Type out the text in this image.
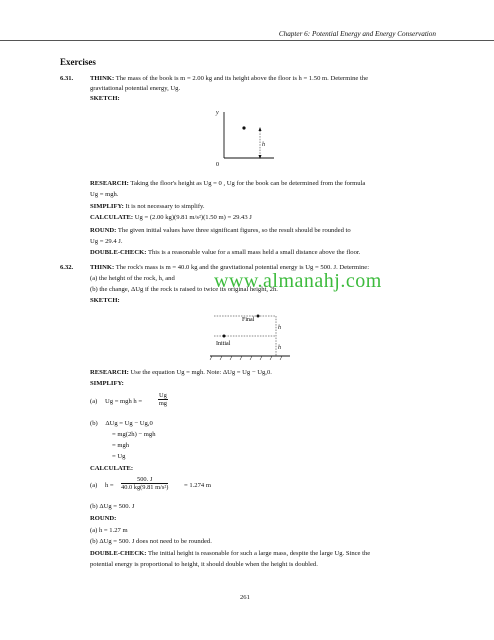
Chapter 6: Potential Energy and Energy Conservation
Exercises
6.31.	THINK: The mass of the book is m = 2.00 kg and its height above the floor is h = 1.50 m. Determine the
gravitational potential energy, Ug.
SKETCH:
y
h
0
RESEARCH: Taking the floor's height as Ug = 0 , Ug for the book can be determined from the formula
Ug = mgh.
SIMPLIFY: It is not necessary to simplify.
CALCULATE: Ug = (2.00 kg)(9.81 m/s²)(1.50 m) = 29.43 J
ROUND: The given initial values have three significant figures, so the result should be rounded to
Ug = 29.4 J.
DOUBLE-CHECK: This is a reasonable value for a small mass held a small distance above the floor.
6.32.	THINK: The rock's mass is m = 40.0 kg and the gravitational potential energy is Ug = 500. J. Determine:
(a) the height of the rock, h, and
(b) the change, ΔUg if the rock is raised to twice its original height, 2h.
SKETCH:
www.almanahj.com
Final
Initial
h
h
RESEARCH: Use the equation Ug = mgh. Note: ΔUg = Ug − Ug,0.
SIMPLIFY:
(a) Ug = mgh $h = \frac{Ug}{mg}$
(b) ΔUg = Ug − Ug,0
= mg(2h) − mgh
= mgh
= Ug
CALCULATE:
(a) $h = \frac{500. J}{\text{40.0 kg(9.81 m/s²)}} = 1.274$ m
(b) ΔUg = 500. J
ROUND:
(a) h = 1.27 m
(b) ΔUg = 500. J does not need to be rounded.
DOUBLE-CHECK: The initial height is reasonable for such a large mass, despite the large Ug. Since the
potential energy is proportional to height, it should double when the height is doubled.
261
